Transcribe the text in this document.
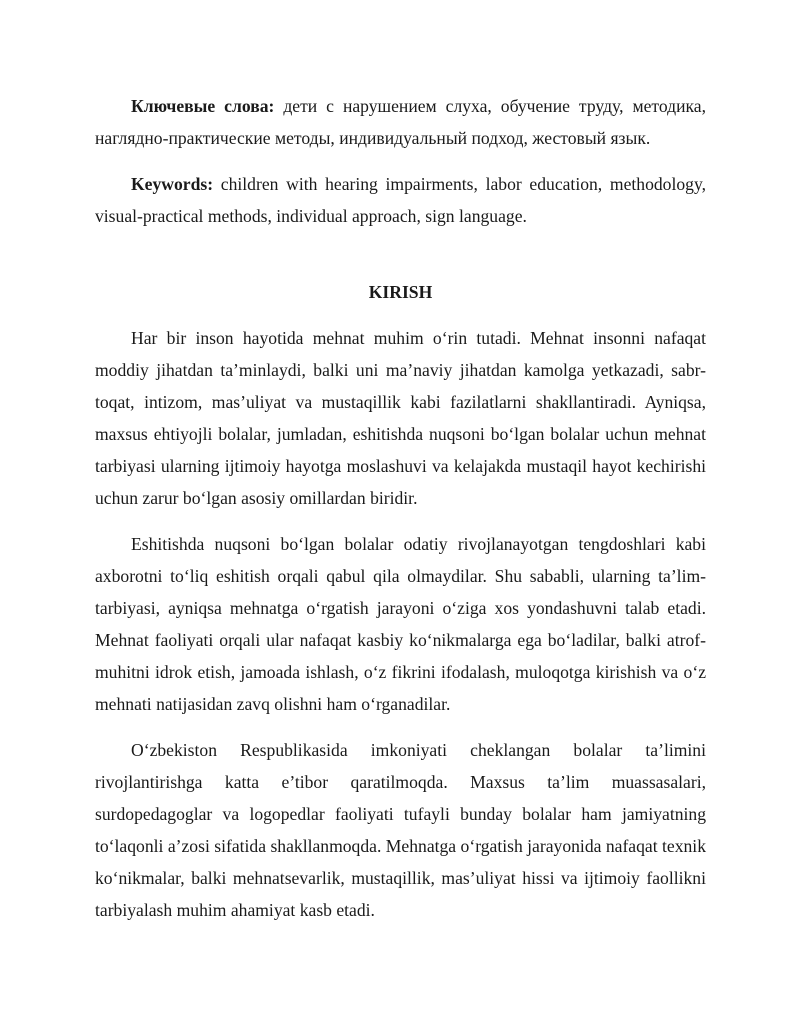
Ключевые слова: дети с нарушением слуха, обучение труду, методика, наглядно-практические методы, индивидуальный подход, жестовый язык.

Keywords: children with hearing impairments, labor education, methodology, visual-practical methods, individual approach, sign language.

KIRISH

Har bir inson hayotida mehnat muhim o‘rin tutadi. Mehnat insonni nafaqat moddiy jihatdan ta’minlaydi, balki uni ma’naviy jihatdan kamolga yetkazadi, sabr-toqat, intizom, mas’uliyat va mustaqillik kabi fazilatlarni shakllantiradi. Ayniqsa, maxsus ehtiyojli bolalar, jumladan, eshitishda nuqsoni bo‘lgan bolalar uchun mehnat tarbiyasi ularning ijtimoiy hayotga moslashuvi va kelajakda mustaqil hayot kechirishi uchun zarur bo‘lgan asosiy omillardan biridir.

Eshitishda nuqsoni bo‘lgan bolalar odatiy rivojlanayotgan tengdoshlari kabi axborotni to‘liq eshitish orqali qabul qila olmaydilar. Shu sababli, ularning ta’lim-tarbiyasi, ayniqsa mehnatga o‘rgatish jarayoni o‘ziga xos yondashuvni talab etadi. Mehnat faoliyati orqali ular nafaqat kasbiy ko‘nikmalarga ega bo‘ladilar, balki atrof-muhitni idrok etish, jamoada ishlash, o‘z fikrini ifodalash, muloqotga kirishish va o‘z mehnati natijasidan zavq olishni ham o‘rganadilar.

O‘zbekiston Respublikasida imkoniyati cheklangan bolalar ta’limini rivojlantirishga katta e’tibor qaratilmoqda. Maxsus ta’lim muassasalari, surdopedagoglar va logopedlar faoliyati tufayli bunday bolalar ham jamiyatning to‘laqonli a’zosi sifatida shakllanmoqda. Mehnatga o‘rgatish jarayonida nafaqat texnik ko‘nikmalar, balki mehnatsevarlik, mustaqillik, mas’uliyat hissi va ijtimoiy faollikni tarbiyalash muhim ahamiyat kasb etadi.
